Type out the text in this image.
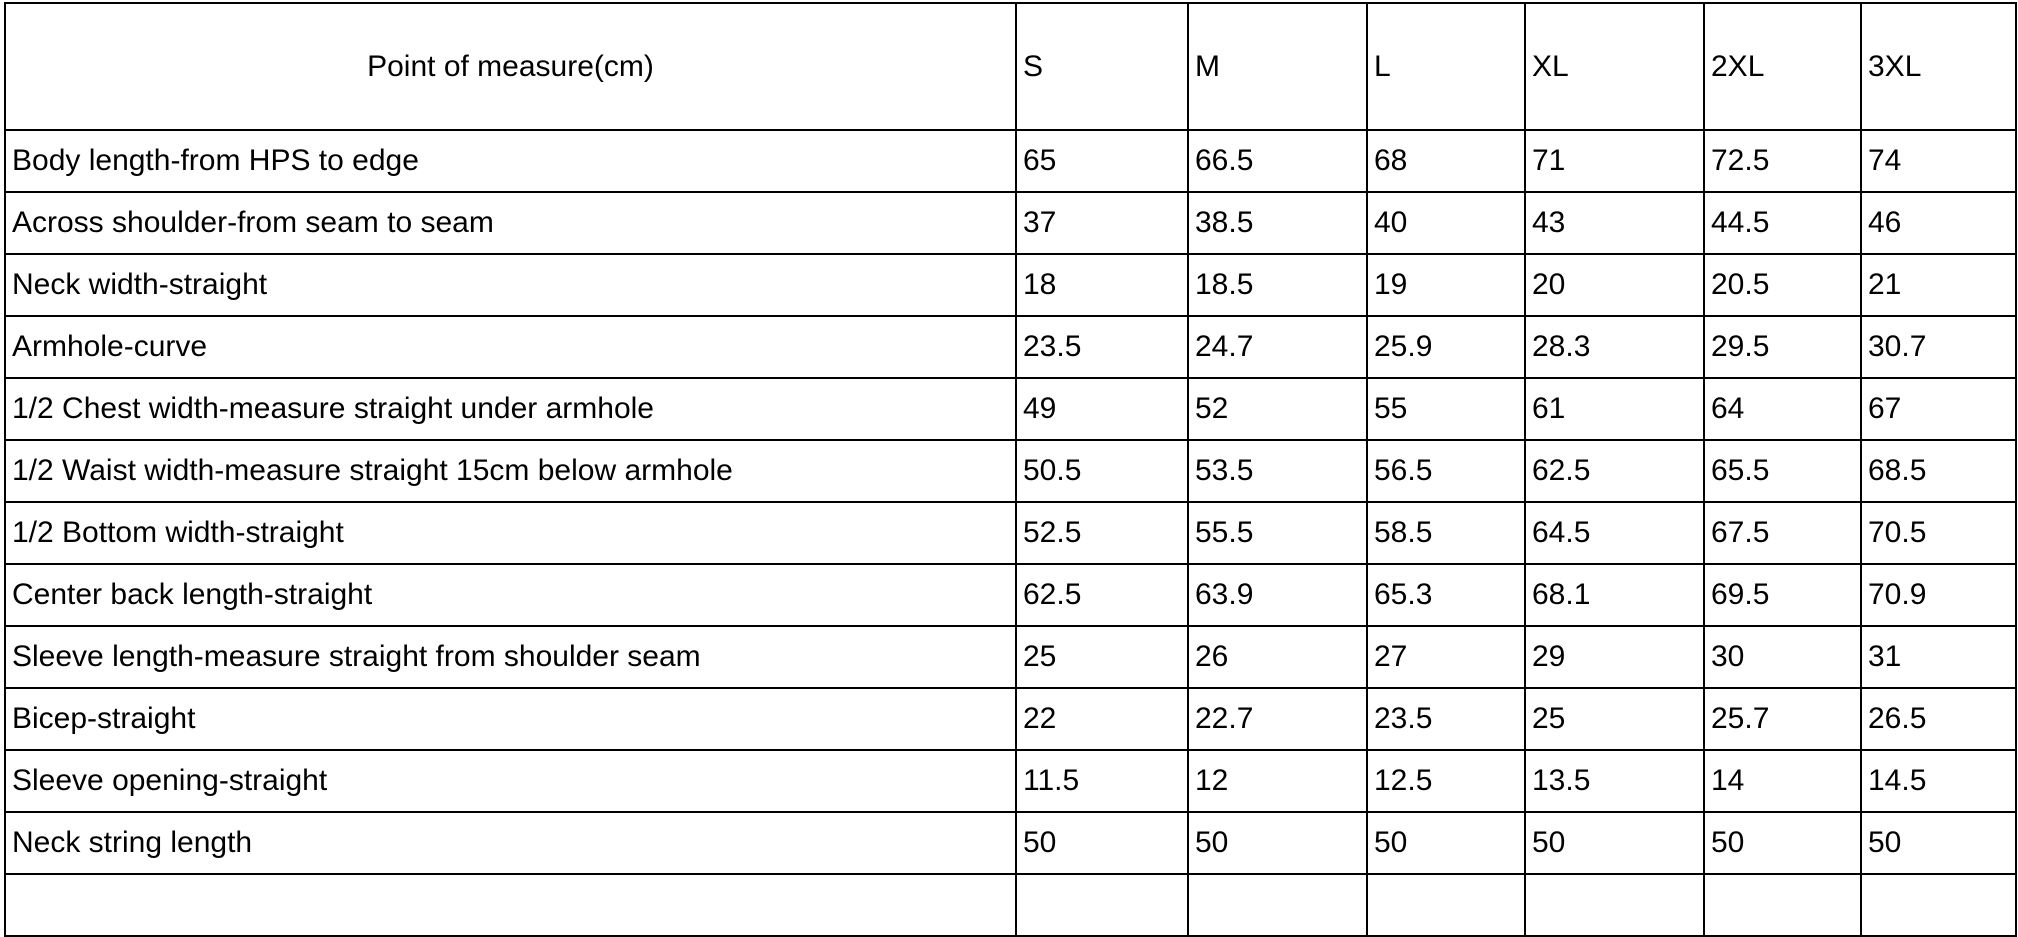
Point of measure(cm)	S	M	L	XL	2XL	3XL
Body length-from HPS to edge	65	66.5	68	71	72.5	74
Across shoulder-from seam to seam	37	38.5	40	43	44.5	46
Neck width-straight	18	18.5	19	20	20.5	21
Armhole-curve	23.5	24.7	25.9	28.3	29.5	30.7
1/2 Chest width-measure straight under armhole	49	52	55	61	64	67
1/2 Waist width-measure straight 15cm below armhole	50.5	53.5	56.5	62.5	65.5	68.5
1/2 Bottom width-straight	52.5	55.5	58.5	64.5	67.5	70.5
Center back length-straight	62.5	63.9	65.3	68.1	69.5	70.9
Sleeve length-measure straight from shoulder seam	25	26	27	29	30	31
Bicep-straight	22	22.7	23.5	25	25.7	26.5
Sleeve opening-straight	11.5	12	12.5	13.5	14	14.5
Neck string length	50	50	50	50	50	50
